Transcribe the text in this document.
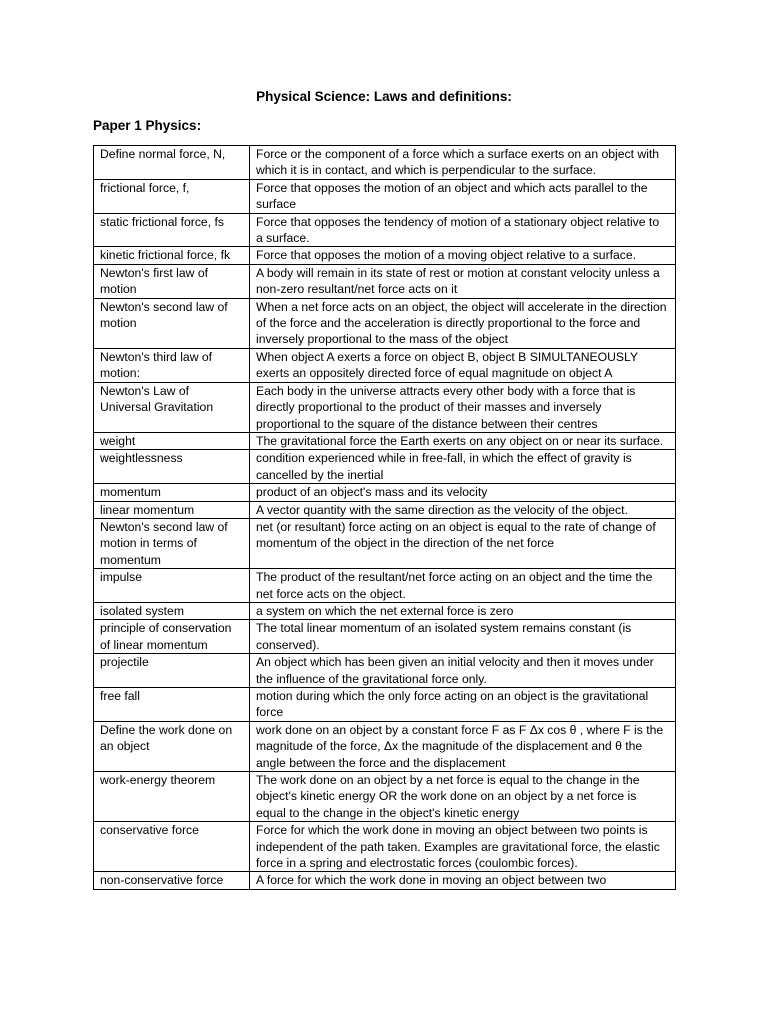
Physical Science: Laws and definitions:
Paper 1 Physics:
Define normal force, N,	Force or the component of a force which a surface exerts on an object with which it is in contact, and which is perpendicular to the surface.
frictional force, f,	Force that opposes the motion of an object and which acts parallel to the surface
static frictional force, fs	Force that opposes the tendency of motion of a stationary object relative to a surface.
kinetic frictional force, fk	Force that opposes the motion of a moving object relative to a surface.
Newton's first law of motion	A body will remain in its state of rest or motion at constant velocity unless a non-zero resultant/net force acts on it
Newton's second law of motion	When a net force acts on an object, the object will accelerate in the direction of the force and the acceleration is directly proportional to the force and inversely proportional to the mass of the object
Newton's third law of motion:	When object A exerts a force on object B, object B SIMULTANEOUSLY exerts an oppositely directed force of equal magnitude on object A
Newton's Law of Universal Gravitation	Each body in the universe attracts every other body with a force that is directly proportional to the product of their masses and inversely proportional to the square of the distance between their centres
weight	The gravitational force the Earth exerts on any object on or near its surface.
weightlessness	condition experienced while in free-fall, in which the effect of gravity is cancelled by the inertial
momentum	product of an object's mass and its velocity
linear momentum	A vector quantity with the same direction as the velocity of the object.
Newton's second law of motion in terms of momentum	net (or resultant) force acting on an object is equal to the rate of change of momentum of the object in the direction of the net force
impulse	The product of the resultant/net force acting on an object and the time the net force acts on the object.
isolated system	a system on which the net external force is zero
principle of conservation of linear momentum	The total linear momentum of an isolated system remains constant (is conserved).
projectile	An object which has been given an initial velocity and then it moves under the influence of the gravitational force only.
free fall	motion during which the only force acting on an object is the gravitational force
Define the work done on an object	work done on an object by a constant force F as F Δx cos θ , where F is the magnitude of the force, Δx the magnitude of the displacement and θ the angle between the force and the displacement
work-energy theorem	The work done on an object by a net force is equal to the change in the object's kinetic energy OR the work done on an object by a net force is equal to the change in the object's kinetic energy
conservative force	Force for which the work done in moving an object between two points is independent of the path taken. Examples are gravitational force, the elastic force in a spring and electrostatic forces (coulombic forces).
non-conservative force	A force for which the work done in moving an object between two
